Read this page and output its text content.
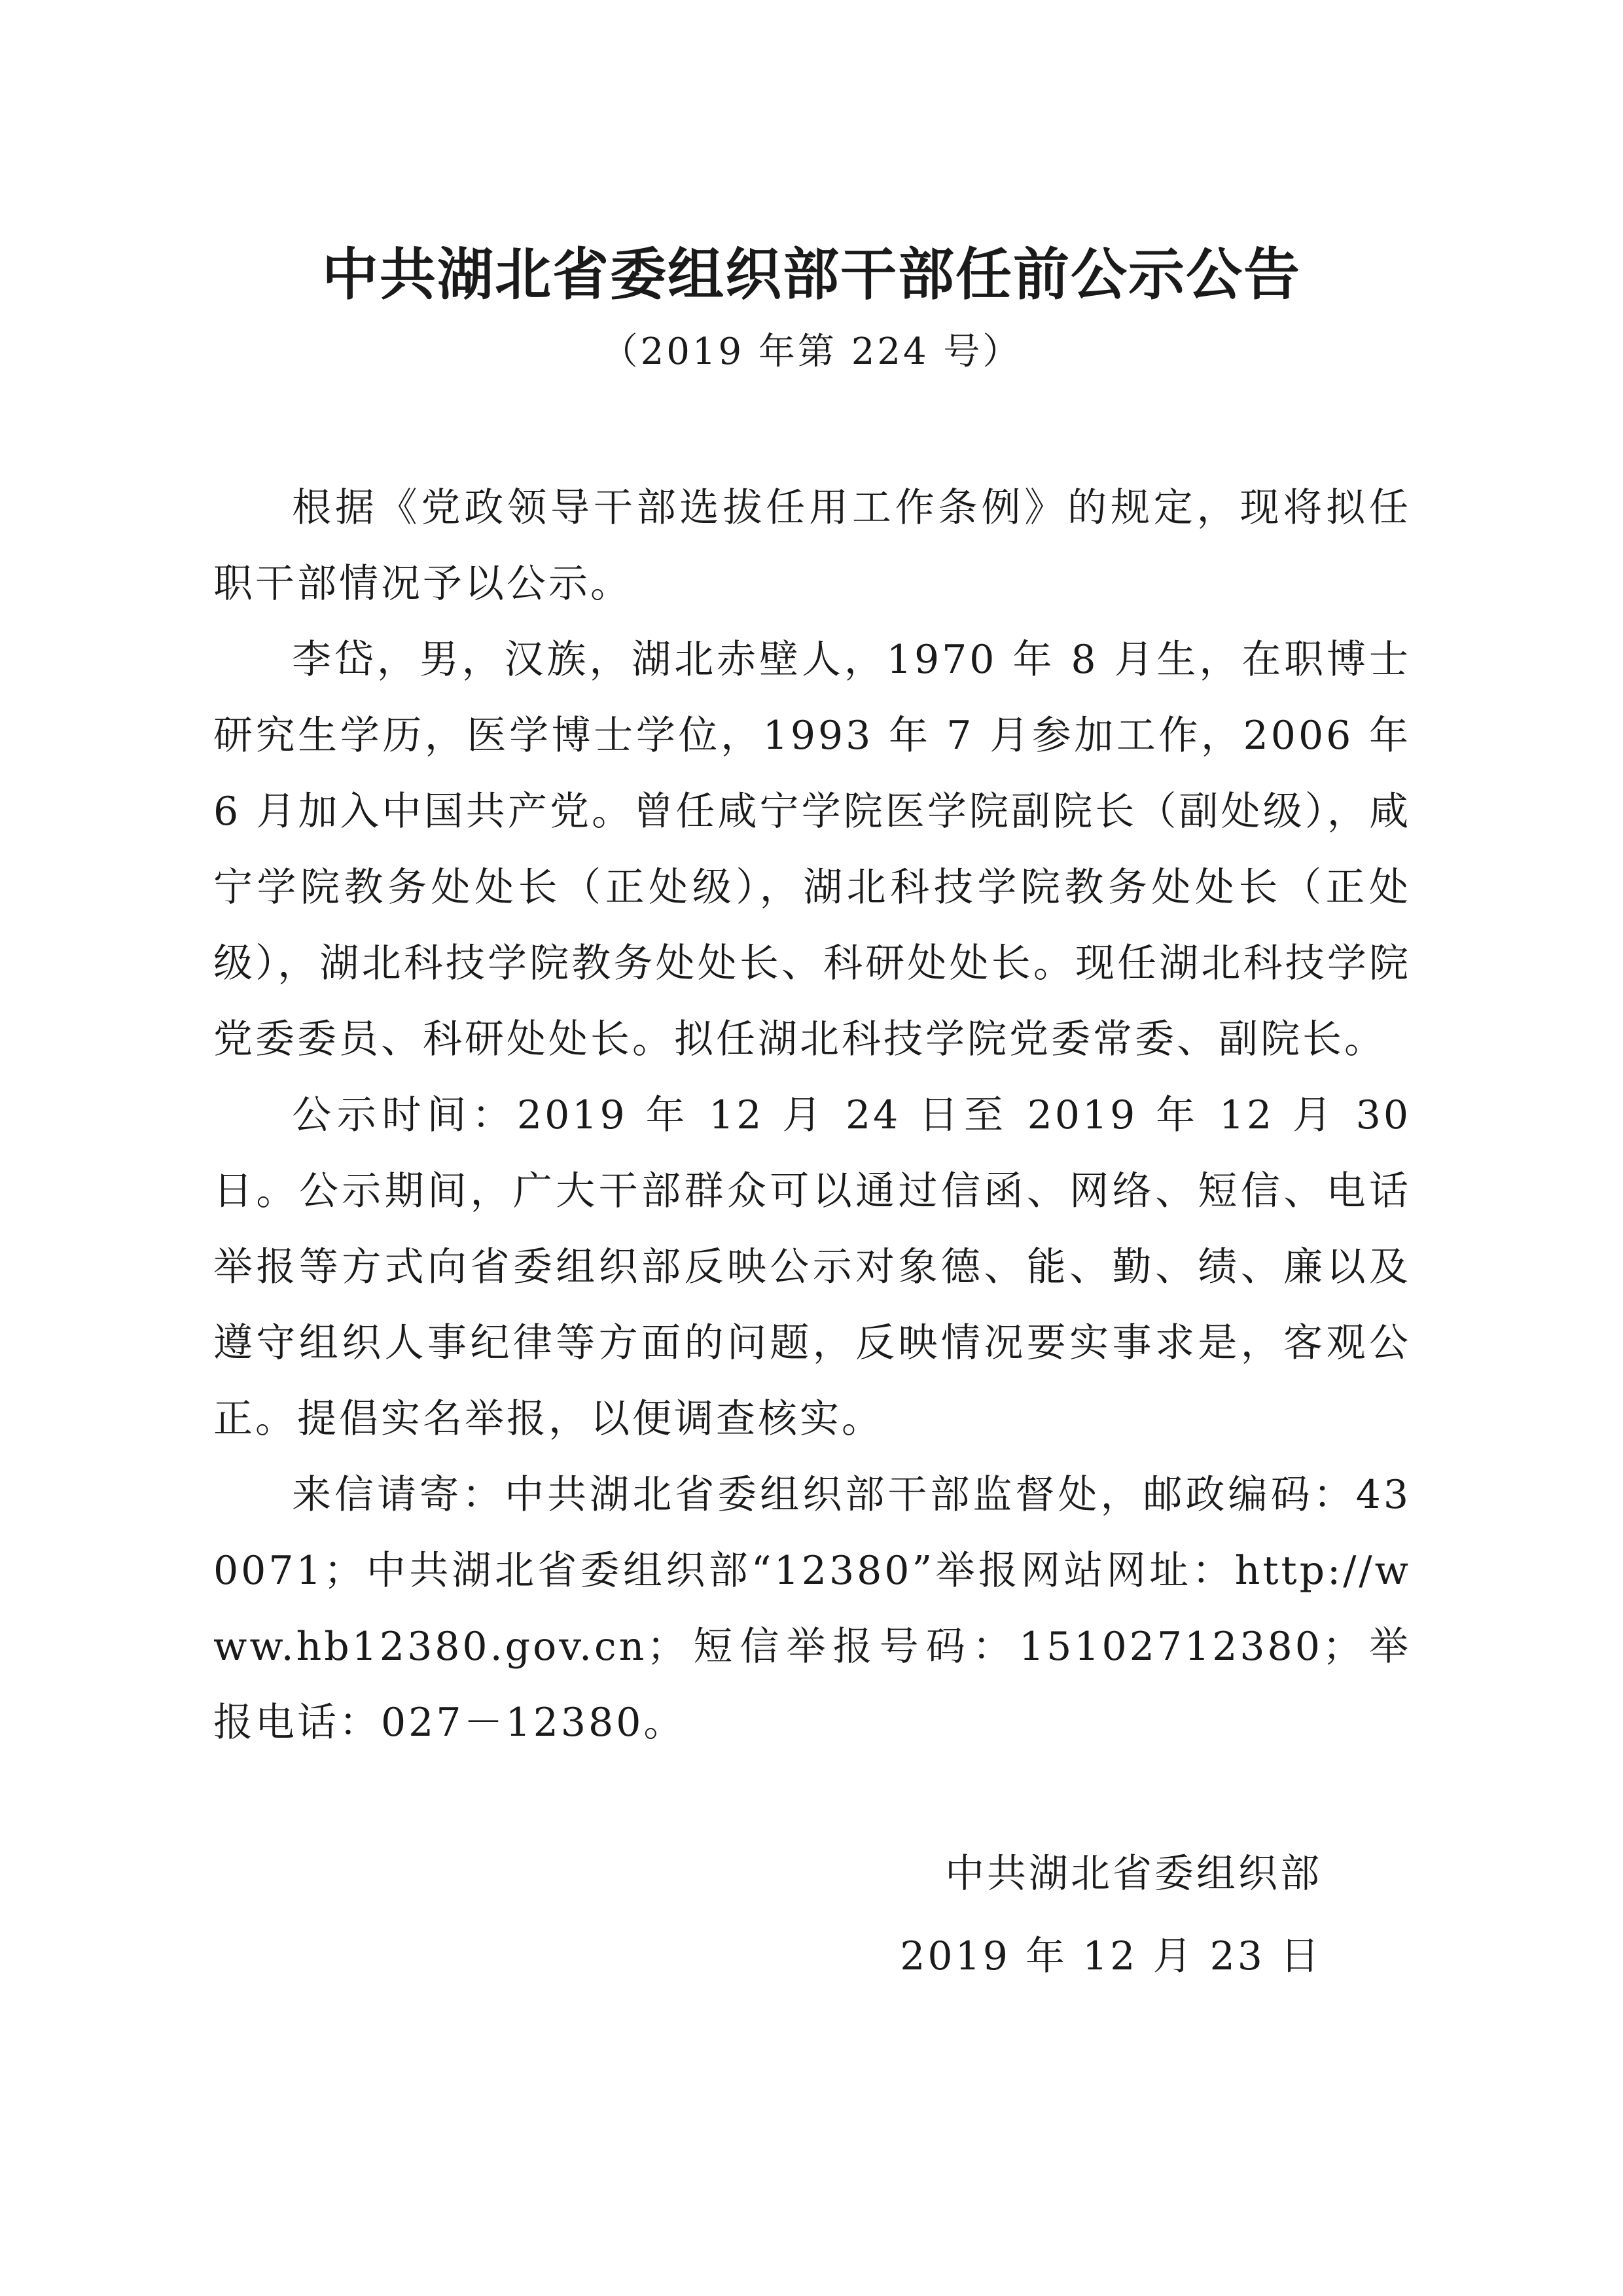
中共湖北省委组织部干部任前公示公告
（2019 年第 224 号）

根据《党政领导干部选拔任用工作条例》的规定，现将拟任职干部情况予以公示。

李岱，男，汉族，湖北赤壁人，1970 年 8 月生，在职博士研究生学历，医学博士学位，1993 年 7 月参加工作，2006 年 6 月加入中国共产党。曾任咸宁学院医学院副院长（副处级），咸宁学院教务处处长（正处级），湖北科技学院教务处处长（正处级），湖北科技学院教务处处长、科研处处长。现任湖北科技学院党委委员、科研处处长。拟任湖北科技学院党委常委、副院长。

公示时间：2019 年 12 月 24 日至 2019 年 12 月 30 日。公示期间，广大干部群众可以通过信函、网络、短信、电话举报等方式向省委组织部反映公示对象德、能、勤、绩、廉以及遵守组织人事纪律等方面的问题，反映情况要实事求是，客观公正。提倡实名举报，以便调查核实。

来信请寄：中共湖北省委组织部干部监督处，邮政编码：430071；中共湖北省委组织部“12380”举报网站网址：http://www.hb12380.gov.cn；短信举报号码：15102712380；举报电话：027－12380。

中共湖北省委组织部
2019 年 12 月 23 日
